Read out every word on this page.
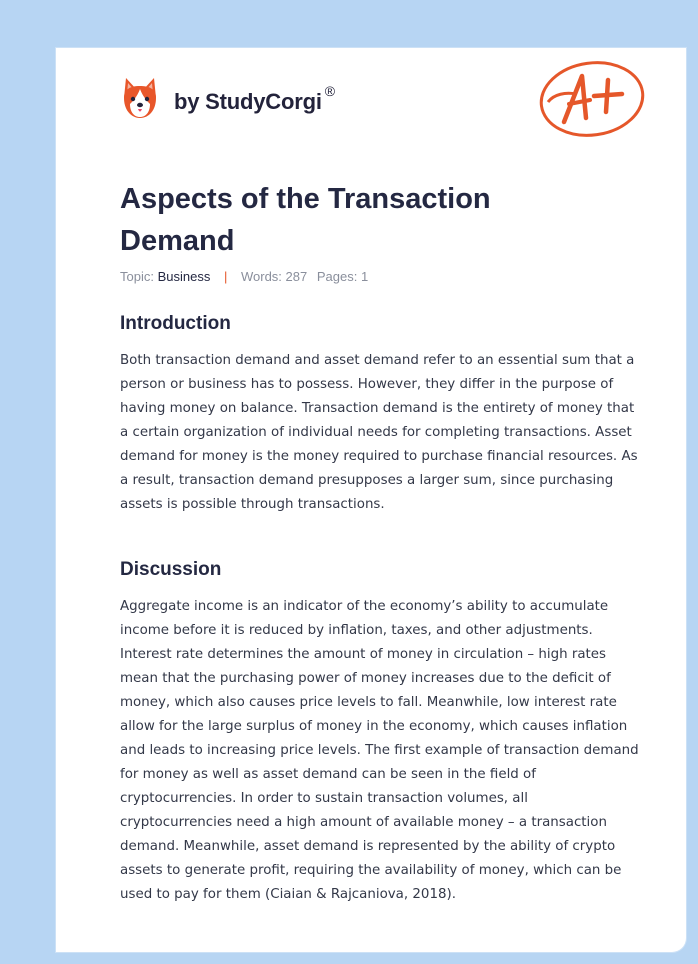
by StudyCorgi ®
Aspects of the Transaction Demand
Topic: Business | Words: 287 Pages: 1
Introduction

Both transaction demand and asset demand refer to an essential sum that a person or business has to possess. However, they differ in the purpose of having money on balance. Transaction demand is the entirety of money that a certain organization of individual needs for completing transactions. Asset demand for money is the money required to purchase financial resources. As a result, transaction demand presupposes a larger sum, since purchasing assets is possible through transactions.

Discussion

Aggregate income is an indicator of the economy’s ability to accumulate income before it is reduced by inflation, taxes, and other adjustments. Interest rate determines the amount of money in circulation – high rates mean that the purchasing power of money increases due to the deficit of money, which also causes price levels to fall. Meanwhile, low interest rate allow for the large surplus of money in the economy, which causes inflation and leads to increasing price levels. The first example of transaction demand for money as well as asset demand can be seen in the field of cryptocurrencies. In order to sustain transaction volumes, all cryptocurrencies need a high amount of available money – a transaction demand. Meanwhile, asset demand is represented by the ability of crypto assets to generate profit, requiring the availability of money, which can be used to pay for them (Ciaian & Rajcaniova, 2018).
